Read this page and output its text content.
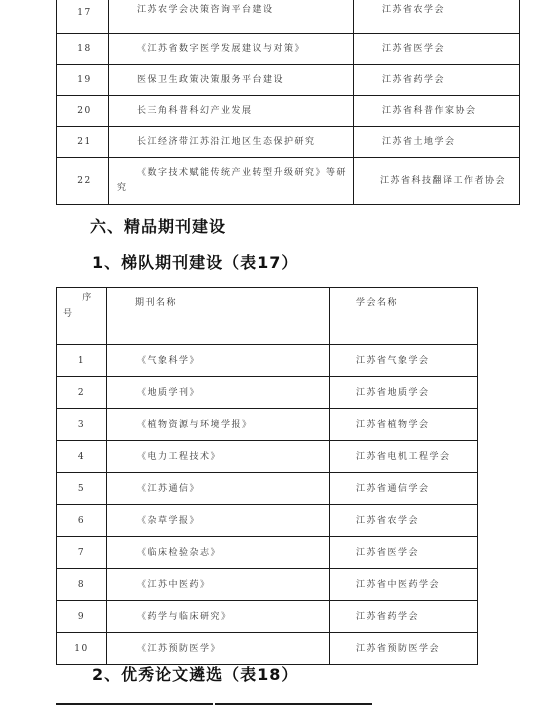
17	江苏农学会决策咨询平台建设	江苏省农学会
18	《江苏省数字医学发展建议与对策》	江苏省医学会
19	医保卫生政策决策服务平台建设	江苏省药学会
20	长三角科普科幻产业发展	江苏省科普作家协会
21	长江经济带江苏沿江地区生态保护研究	江苏省土地学会
22	《数字技术赋能传统产业转型升级研究》等研究	江苏省科技翻译工作者协会
六、精品期刊建设
1、梯队期刊建设（表17）
序
号	期刊名称	学会名称
1	《气象科学》	江苏省气象学会
2	《地质学刊》	江苏省地质学会
3	《植物资源与环境学报》	江苏省植物学会
4	《电力工程技术》	江苏省电机工程学会
5	《江苏通信》	江苏省通信学会
6	《杂草学报》	江苏省农学会
7	《临床检验杂志》	江苏省医学会
8	《江苏中医药》	江苏省中医药学会
9	《药学与临床研究》	江苏省药学会
10	《江苏预防医学》	江苏省预防医学会
2、优秀论文遴选（表18）
